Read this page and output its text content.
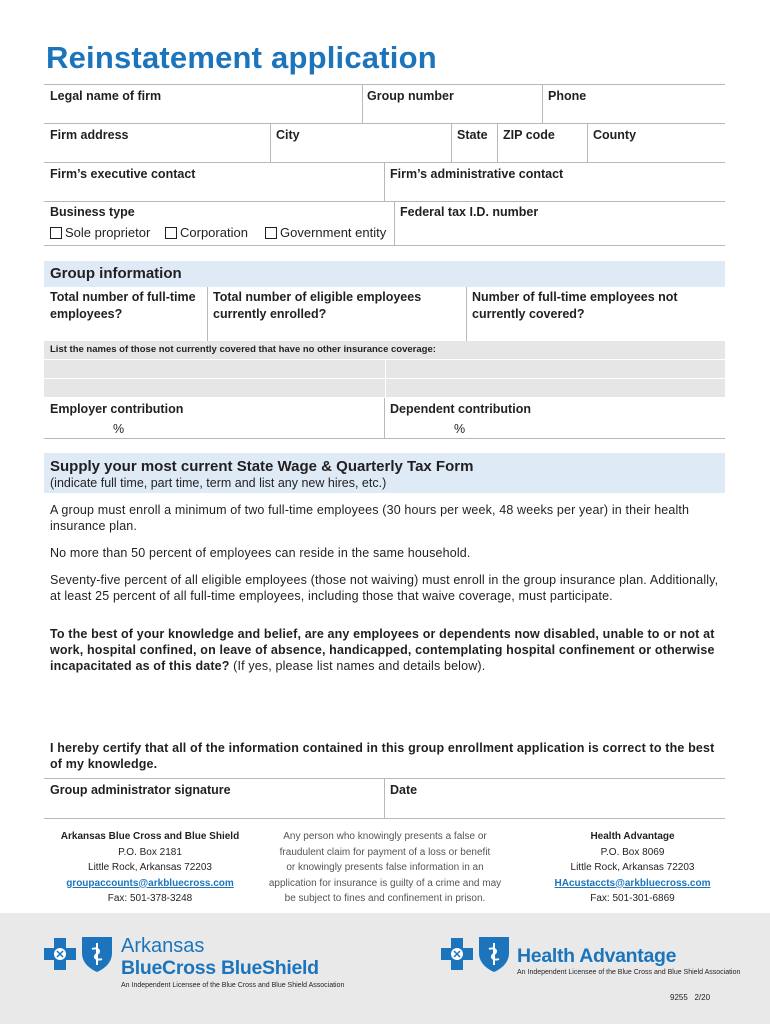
Reinstatement application
Legal name of firm	Group number	Phone
Firm address	City	State ZIP code	County
Firm’s executive contact	Firm’s administrative contact
Business type
Sole proprietor Corporation Government entity
Federal tax I.D. number
Group information
Total number of full-time employees?
Total number of eligible employees currently enrolled?
Number of full-time employees not currently covered?
List the names of those not currently covered that have no other insurance coverage:
Employer contribution
%
Dependent contribution
%
Supply your most current State Wage & Quarterly Tax Form
(indicate full time, part time, term and list any new hires, etc.)
A group must enroll a minimum of two full-time employees (30 hours per week, 48 weeks per year) in their health insurance plan.
No more than 50 percent of employees can reside in the same household.
Seventy-five percent of all eligible employees (those not waiving) must enroll in the group insurance plan. Additionally, at least 25 percent of all full-time employees, including those that waive coverage, must participate.
To the best of your knowledge and belief, are any employees or dependents now disabled, unable to or not at work, hospital confined, on leave of absence, handicapped, contemplating hospital confinement or otherwise incapacitated as of this date? (If yes, please list names and details below).
I hereby certify that all of the information contained in this group enrollment application is correct to the best of my knowledge.
Group administrator signature	Date
Arkansas Blue Cross and Blue Shield
P.O. Box 2181
Little Rock, Arkansas 72203
groupaccounts@arkbluecross.com
Fax: 501-378-3248
Any person who knowingly presents a false or
fraudulent claim for payment of a loss or benefit
or knowingly presents false information in an
application for insurance is guilty of a crime and may
be subject to fines and confinement in prison.
Health Advantage
P.O. Box 8069
Little Rock, Arkansas 72203
HAcustaccts@arkbluecross.com
Fax: 501-301-6869
Arkansas
BlueCross BlueShield
An Independent Licensee of the Blue Cross and Blue Shield Association
Health Advantage
An Independent Licensee of the Blue Cross and Blue Shield Association
9255   2/20
